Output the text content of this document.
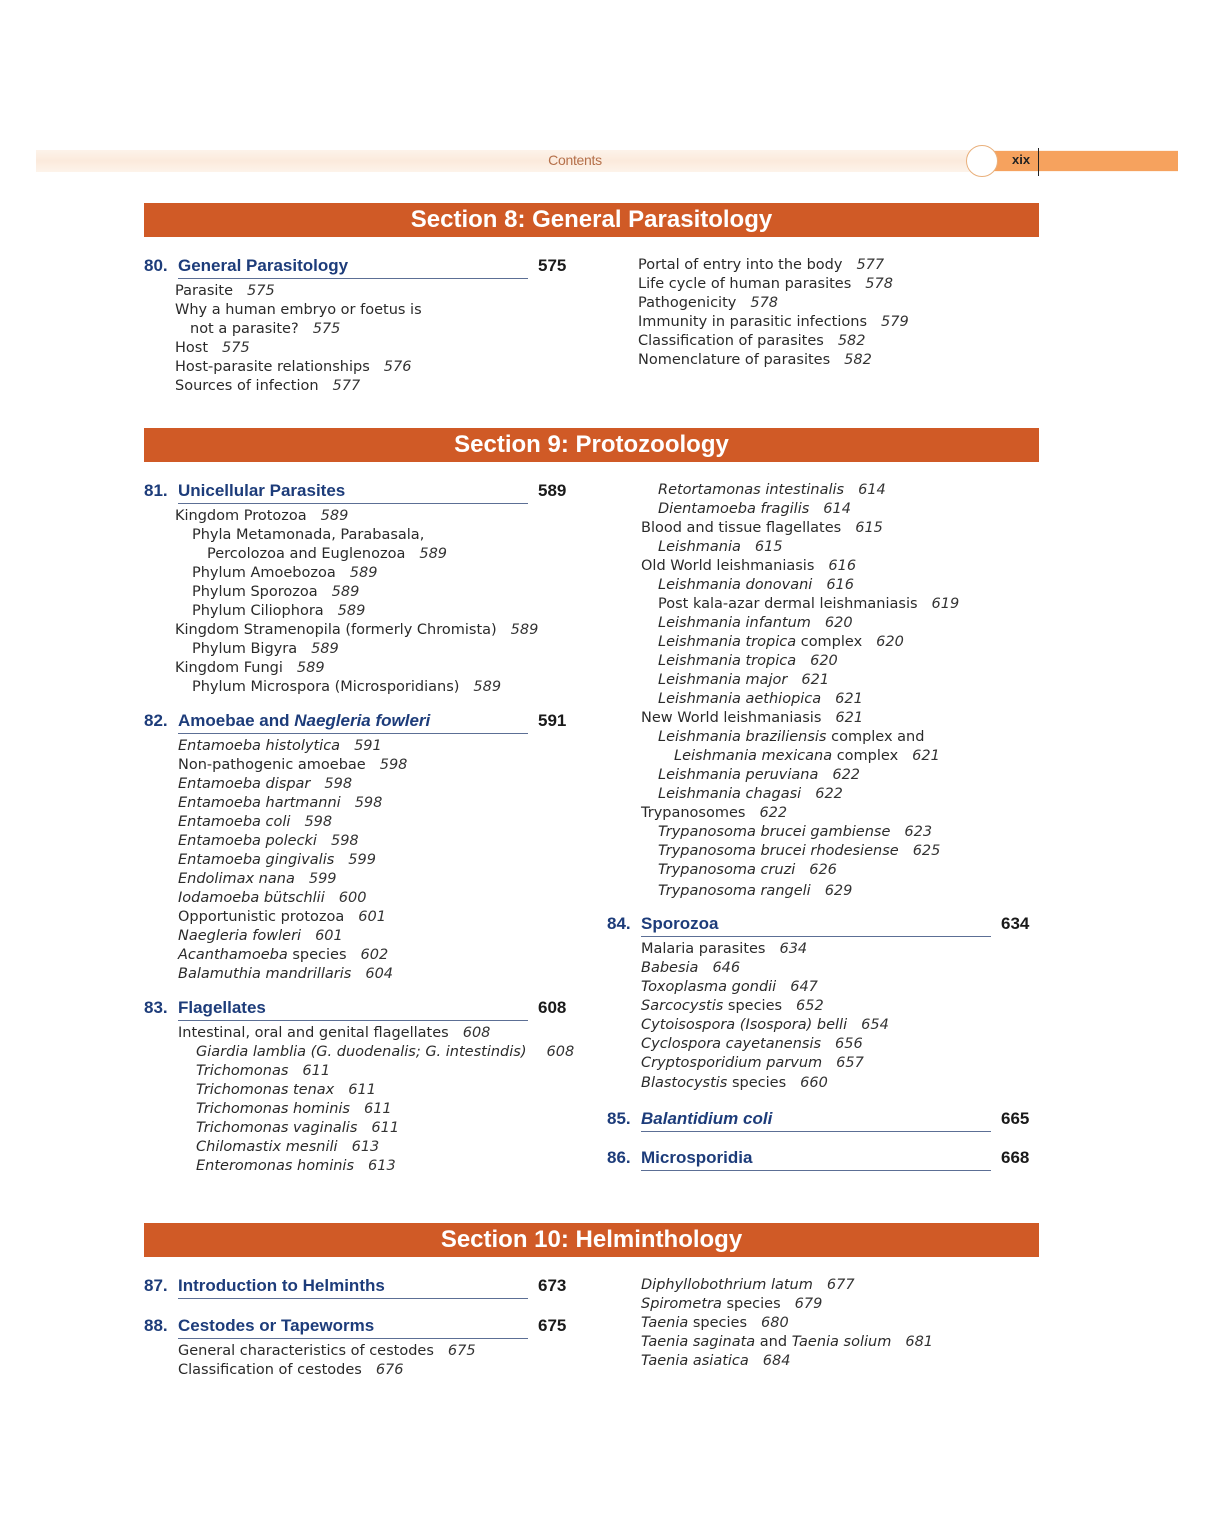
Contents	xix
Section 8: General Parasitology
80. General Parasitology	575
Parasite 575
Why a human embryo or foetus is
not a parasite? 575
Host 575
Host-parasite relationships 576
Sources of infection 577
Portal of entry into the body 577
Life cycle of human parasites 578
Pathogenicity 578
Immunity in parasitic infections 579
Classification of parasites 582
Nomenclature of parasites 582
Section 9: Protozoology
81. Unicellular Parasites	589
Kingdom Protozoa 589
Phyla Metamonada, Parabasala,
Percolozoa and Euglenozoa 589
Phylum Amoebozoa 589
Phylum Sporozoa 589
Phylum Ciliophora 589
Kingdom Stramenopila (formerly Chromista) 589
Phylum Bigyra 589
Kingdom Fungi 589
Phylum Microspora (Microsporidians) 589
82. Amoebae and Naegleria fowleri	591
Entamoeba histolytica 591
Non-pathogenic amoebae 598
Entamoeba dispar 598
Entamoeba hartmanni 598
Entamoeba coli 598
Entamoeba polecki 598
Entamoeba gingivalis 599
Endolimax nana 599
Iodamoeba bütschlii 600
Opportunistic protozoa 601
Naegleria fowleri 601
Acanthamoeba species 602
Balamuthia mandrillaris 604
83. Flagellates	608
Intestinal, oral and genital flagellates 608
Giardia lamblia (G. duodenalis; G. intestindis) 608
Trichomonas 611
Trichomonas tenax 611
Trichomonas hominis 611
Trichomonas vaginalis 611
Chilomastix mesnili 613
Enteromonas hominis 613
Retortamonas intestinalis 614
Dientamoeba fragilis 614
Blood and tissue flagellates 615
Leishmania 615
Old World leishmaniasis 616
Leishmania donovani 616
Post kala-azar dermal leishmaniasis 619
Leishmania infantum 620
Leishmania tropica complex 620
Leishmania tropica 620
Leishmania major 621
Leishmania aethiopica 621
New World leishmaniasis 621
Leishmania braziliensis complex and
Leishmania mexicana complex 621
Leishmania peruviana 622
Leishmania chagasi 622
Trypanosomes 622
Trypanosoma brucei gambiense 623
Trypanosoma brucei rhodesiense 625
Trypanosoma cruzi 626
Trypanosoma rangeli 629
84. Sporozoa	634
Malaria parasites 634
Babesia 646
Toxoplasma gondii 647
Sarcocystis species 652
Cytoisospora (Isospora) belli 654
Cyclospora cayetanensis 656
Cryptosporidium parvum 657
Blastocystis species 660
85. Balantidium coli	665
86. Microsporidia	668
Section 10: Helminthology
87. Introduction to Helminths	673
88. Cestodes or Tapeworms	675
General characteristics of cestodes 675
Classification of cestodes 676
Diphyllobothrium latum 677
Spirometra species 679
Taenia species 680
Taenia saginata and Taenia solium 681
Taenia asiatica 684
